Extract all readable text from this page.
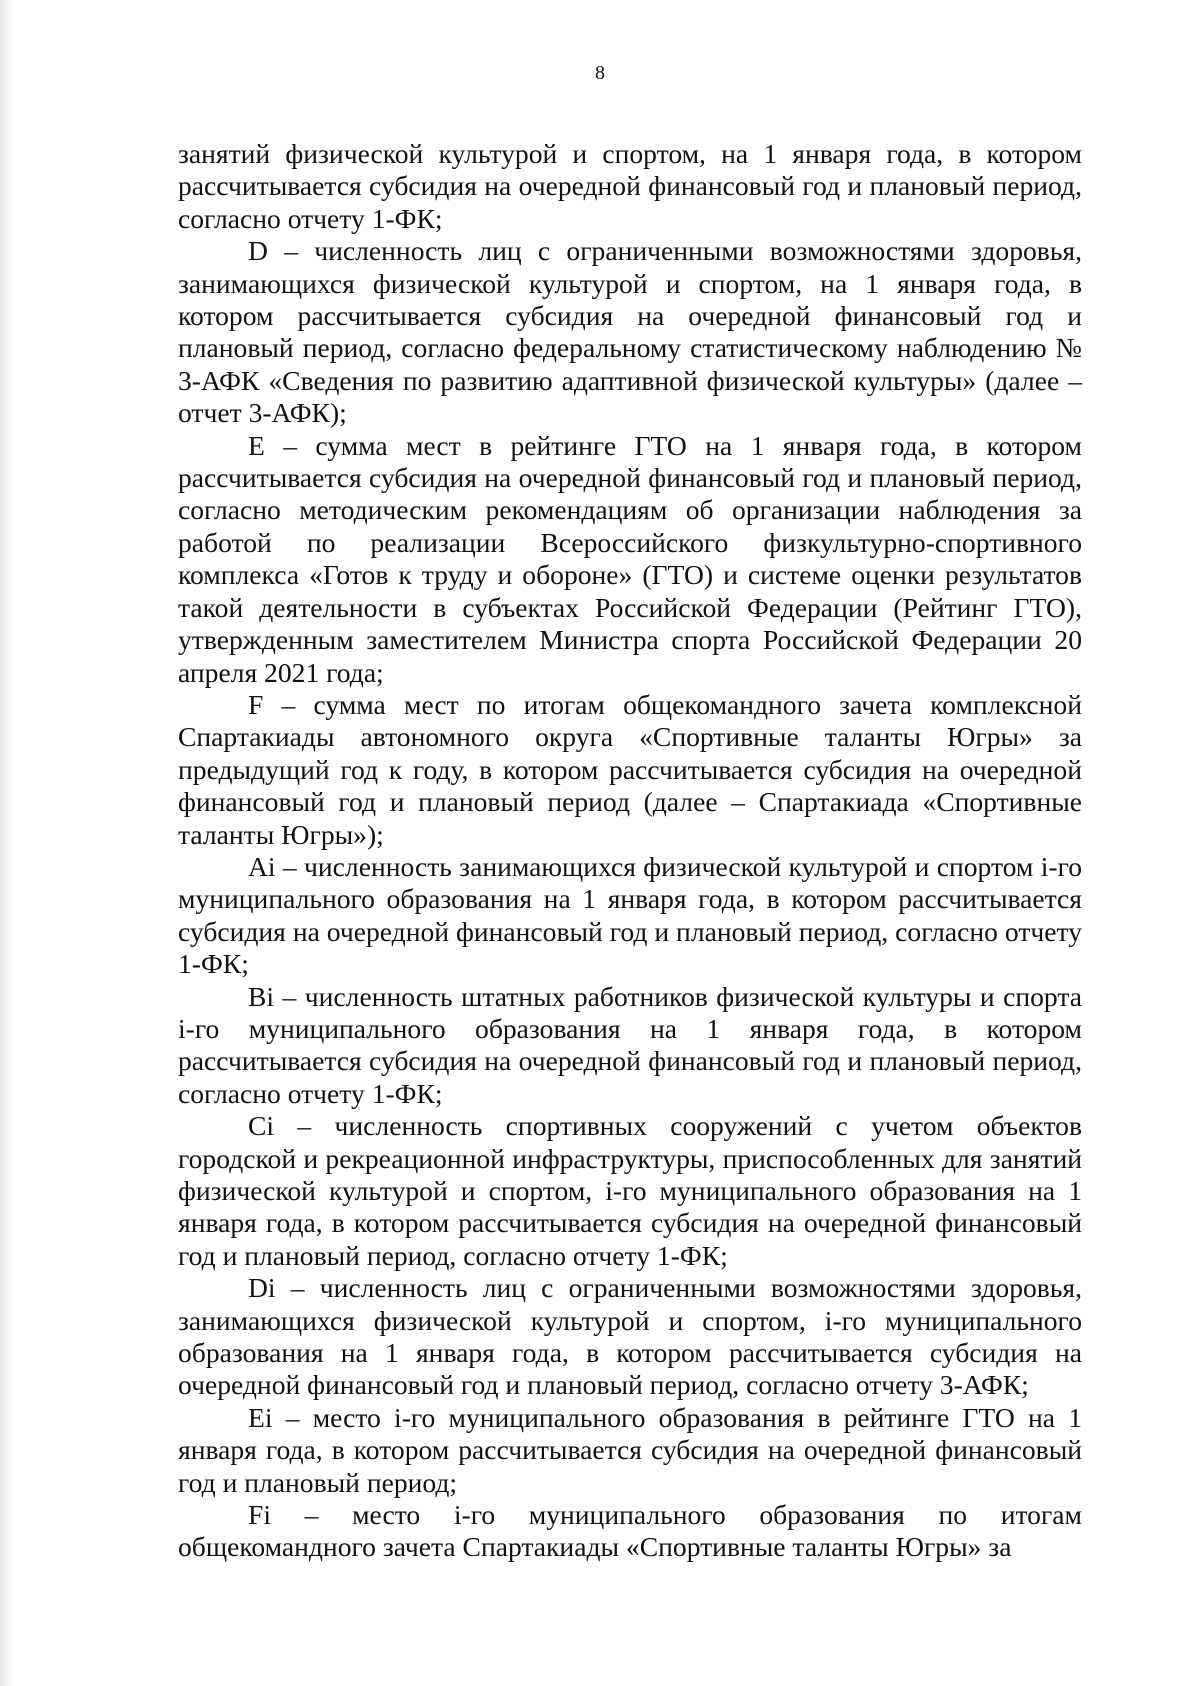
8

занятий физической культурой и спортом, на 1 января года, в котором рассчитывается субсидия на очередной финансовый год и плановый период, согласно отчету 1-ФК;

D – численность лиц с ограниченными возможностями здоровья, занимающихся физической культурой и спортом, на 1 января года, в котором рассчитывается субсидия на очередной финансовый год и плановый период, согласно федеральному статистическому наблюдению № 3-АФК «Сведения по развитию адаптивной физической культуры» (далее – отчет 3-АФК);

E – сумма мест в рейтинге ГТО на 1 января года, в котором рассчитывается субсидия на очередной финансовый год и плановый период, согласно методическим рекомендациям об организации наблюдения за работой по реализации Всероссийского физкультурно-спортивного комплекса «Готов к труду и обороне» (ГТО) и системе оценки результатов такой деятельности в субъектах Российской Федерации (Рейтинг ГТО), утвержденным заместителем Министра спорта Российской Федерации 20 апреля 2021 года;

F – сумма мест по итогам общекомандного зачета комплексной Спартакиады автономного округа «Спортивные таланты Югры» за предыдущий год к году, в котором рассчитывается субсидия на очередной финансовый год и плановый период (далее – Спартакиада «Спортивные таланты Югры»);

Ai – численность занимающихся физической культурой и спортом i-го муниципального образования на 1 января года, в котором рассчитывается субсидия на очередной финансовый год и плановый период, согласно отчету 1-ФК;

Bi – численность штатных работников физической культуры и спорта i-го муниципального образования на 1 января года, в котором рассчитывается субсидия на очередной финансовый год и плановый период, согласно отчету 1-ФК;

Ci – численность спортивных сооружений с учетом объектов городской и рекреационной инфраструктуры, приспособленных для занятий физической культурой и спортом, i-го муниципального образования на 1 января года, в котором рассчитывается субсидия на очередной финансовый год и плановый период, согласно отчету 1-ФК;

Di – численность лиц с ограниченными возможностями здоровья, занимающихся физической культурой и спортом, i-го муниципального образования на 1 января года, в котором рассчитывается субсидия на очередной финансовый год и плановый период, согласно отчету 3-АФК;

Ei – место i-го муниципального образования в рейтинге ГТО на 1 января года, в котором рассчитывается субсидия на очередной финансовый год и плановый период;

Fi – место i-го муниципального образования по итогам общекомандного зачета Спартакиады «Спортивные таланты Югры» за
